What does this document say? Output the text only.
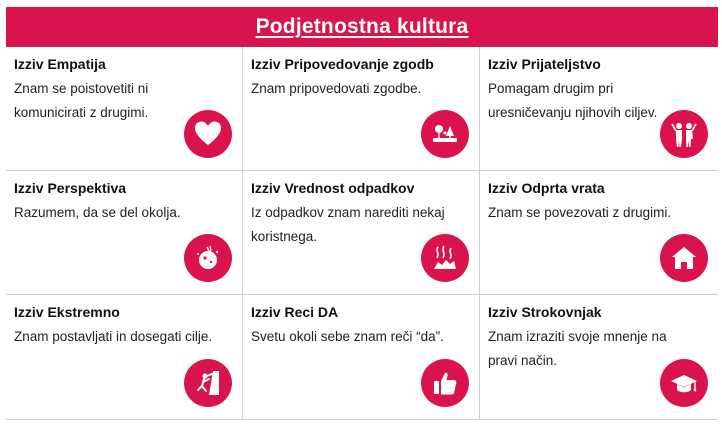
Podjetnostna kultura
Izziv Empatija
Znam se poistovetiti ni komunicirati z drugimi.
Izziv Pripovedovanje zgodb
Znam pripovedovati zgodbe.
Izziv Prijateljstvo
Pomagam drugim pri uresničevanju njihovih ciljev.
Izziv Perspektiva
Razumem, da se del okolja.
Izziv Vrednost odpadkov
Iz odpadkov znam narediti nekaj koristnega.
Izziv Odprta vrata
Znam se povezovati z drugimi.
Izziv Ekstremno
Znam postavljati in dosegati cilje.
Izziv Reci DA
Svetu okoli sebe znam reči “da”.
Izziv Strokovnjak
Znam izraziti svoje mnenje na pravi način.
